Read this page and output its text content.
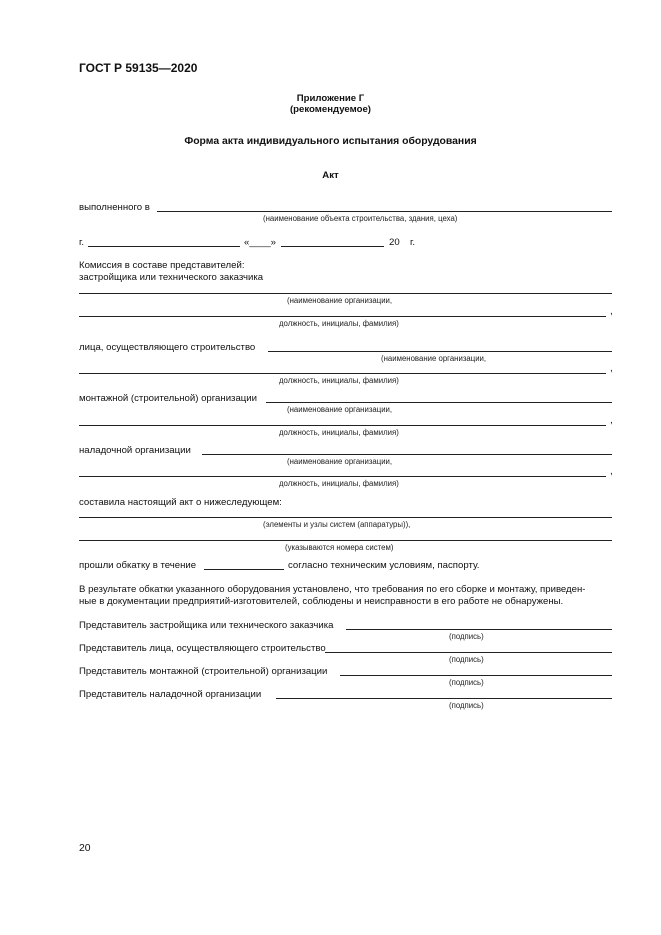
ГОСТ Р 59135—2020
Приложение Г
(рекомендуемое)
Форма акта индивидуального испытания оборудования
Акт
выполненного в
(наименование объекта строительства, здания, цеха)
г.	«____»	20 г.
Комиссия в составе представителей:
застройщика или технического заказчика
(наименование организации,
,
должность, инициалы, фамилия)
лица, осуществляющего строительство
(наименование организации,
,
должность, инициалы, фамилия)
монтажной (строительной) организации
(наименование организации,
,
должность, инициалы, фамилия)
наладочной организации
(наименование организации,
,
должность, инициалы, фамилия)
составила настоящий акт о нижеследующем:
(элементы и узлы систем (аппаратуры)),
(указываются номера систем)
прошли обкатку в течение	согласно техническим условиям, паспорту.
В результате обкатки указанного оборудования установлено, что требования по его сборке и монтажу, приведен-
ные в документации предприятий-изготовителей, соблюдены и неисправности в его работе не обнаружены.
Представитель застройщика или технического заказчика
(подпись)
Представитель лица, осуществляющего строительство
(подпись)
Представитель монтажной (строительной) организации
(подпись)
Представитель наладочной организации
(подпись)
20
